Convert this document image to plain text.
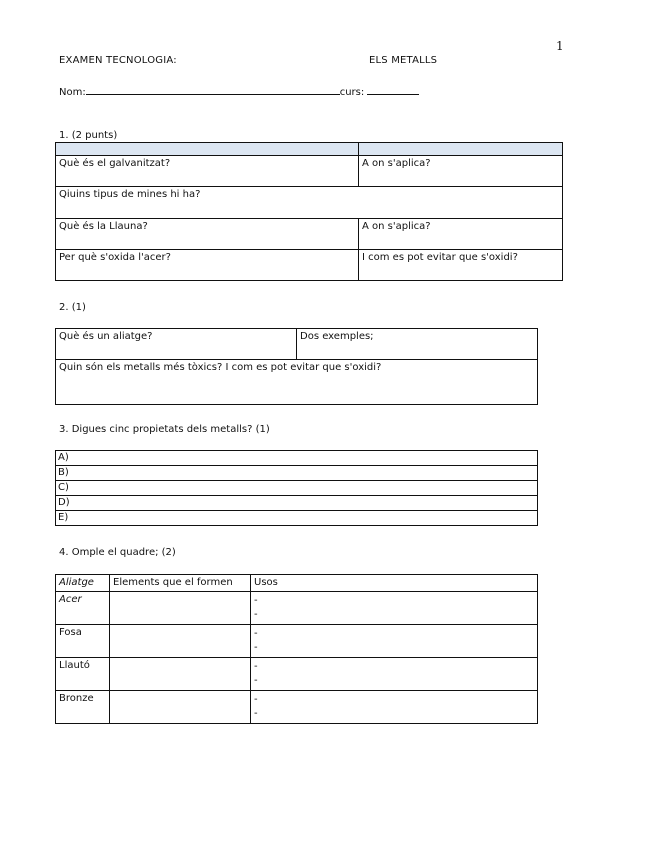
1
EXAMEN TECNOLOGIA:	ELS METALLS
Nom:	curs:
1. (2 punts)

Què és el galvanitzat?	A on s'aplica?
Qiuins tipus de mines hi ha?	
Què és la Llauna?	A on s'aplica?
Per què s'oxida l'acer?	I com es pot evitar que s'oxidi?
2. (1)
Què és un aliatge?	Dos exemples;
Quin són els metalls més tòxics? I com es pot evitar que s'oxidi?
3. Digues cinc propietats dels metalls? (1)
A)
B)
C)
D)
E)
4. Omple el quadre; (2)
Aliatge	Elements que el formen	Usos
Acer		-
-

Fosa		-
-

Llautó		-
-

Bronze		-
-
